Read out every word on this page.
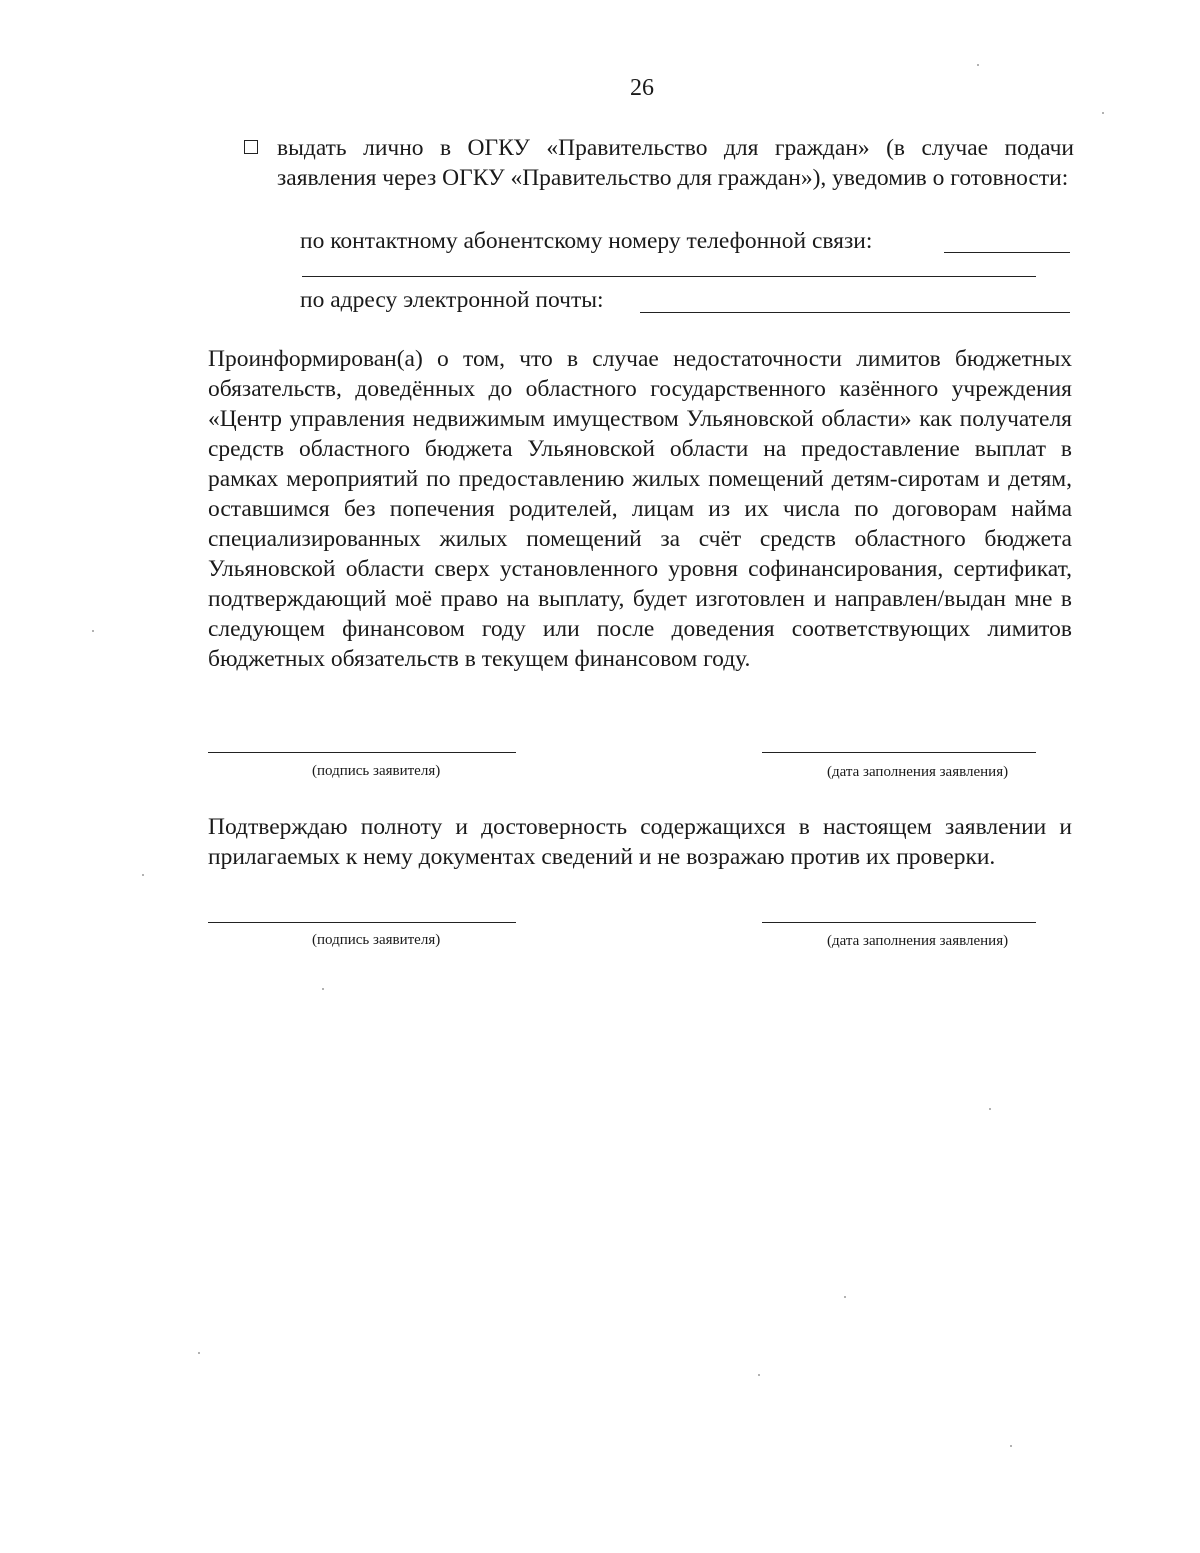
26
выдать лично в ОГКУ «Правительство для граждан» (в случае подачи заявления через ОГКУ «Правительство для граждан»), уведомив о готовности:
по контактному абонентскому номеру телефонной связи:
по адресу электронной почты:
Проинформирован(а) о том, что в случае недостаточности лимитов бюджетных обязательств, доведённых до областного государственного казённого учреждения «Центр управления недвижимым имуществом Ульяновской области» как получателя средств областного бюджета Ульяновской области на предоставление выплат в рамках мероприятий по предоставлению жилых помещений детям-сиротам и детям, оставшимся без попечения родителей, лицам из их числа по договорам найма специализированных жилых помещений за счёт средств областного бюджета Ульяновской области сверх установленного уровня софинансирования, сертификат, подтверждающий моё право на выплату, будет изготовлен и направлен/выдан мне в следующем финансовом году или после доведения соответствующих лимитов бюджетных обязательств в текущем финансовом году.
(подпись заявителя)	(дата заполнения заявления)
Подтверждаю полноту и достоверность содержащихся в настоящем заявлении и прилагаемых к нему документах сведений и не возражаю против их проверки.
(подпись заявителя)	(дата заполнения заявления)
